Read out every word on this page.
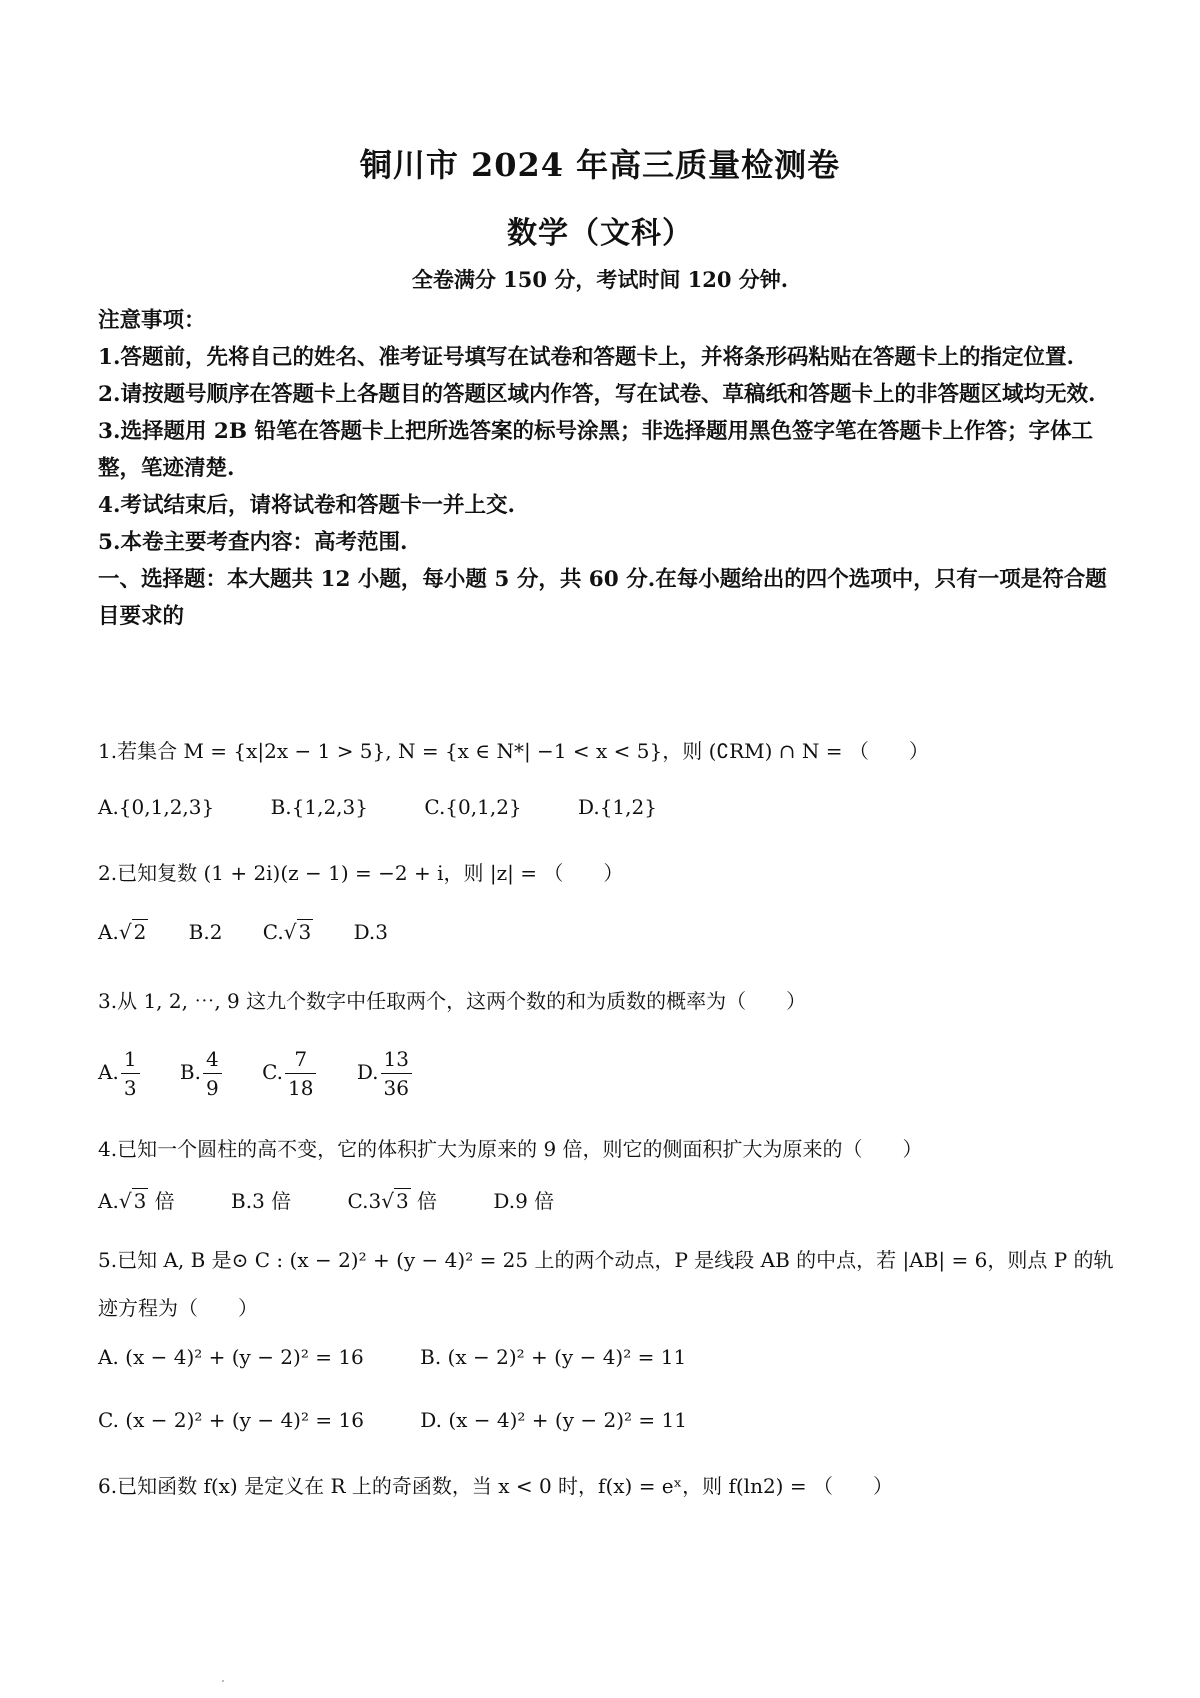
铜川市 2024 年高三质量检测卷
数学（文科）
全卷满分 150 分，考试时间 120 分钟.

注意事项：

1.答题前，先将自己的姓名、准考证号填写在试卷和答题卡上，并将条形码粘贴在答题卡上的指定位置.

2.请按题号顺序在答题卡上各题目的答题区域内作答，写在试卷、草稿纸和答题卡上的非答题区域均无效.

3.选择题用 2B 铅笔在答题卡上把所选答案的标号涂黑；非选择题用黑色签字笔在答题卡上作答；字体工整，笔迹清楚.

4.考试结束后，请将试卷和答题卡一并上交.

5.本卷主要考查内容：高考范围.

一、选择题：本大题共 12 小题，每小题 5 分，共 60 分.在每小题给出的四个选项中，只有一项是符合题目要求的

1.若集合 M = {x|2x − 1 > 5}, N = {x ∈ N*| −1 < x < 5}，则 (∁RM) ∩ N = （　　）
A.{0,1,2,3}	B.{1,2,3}	C.{0,1,2}	D.{1,2}
2.已知复数 (1 + 2i)(z − 1) = −2 + i，则 |z| = （　　）
A.√ 2 B.2 C.√ 3 D.3
3.从 1, 2, ⋯, 9 这九个数字中任取两个，这两个数的和为质数的概率为（　　）
A. $\frac{1}{3} B$. $\frac{4}{9} C$. $\frac{7}{18} D$. $\frac{13}{36}$
4.已知一个圆柱的高不变，它的体积扩大为原来的 9 倍，则它的侧面积扩大为原来的（　　）
A.√ 3 倍	B.3 倍	C.3√ 3 倍	D.9 倍
5.已知 A, B 是⊙ C : (x − 2)² + (y − 4)² = 25 上的两个动点，P 是线段 AB 的中点，若 |AB| = 6，则点 P 的轨迹方程为（　　）
A. (x − 4)² + (y − 2)² = 16	B. (x − 2)² + (y − 4)² = 11
C. (x − 2)² + (y − 4)² = 16	D. (x − 4)² + (y − 2)² = 11
6.已知函数 f(x) 是定义在 R 上的奇函数，当 x < 0 时，f(x) = eˣ，则 f(ln2) = （　　）
